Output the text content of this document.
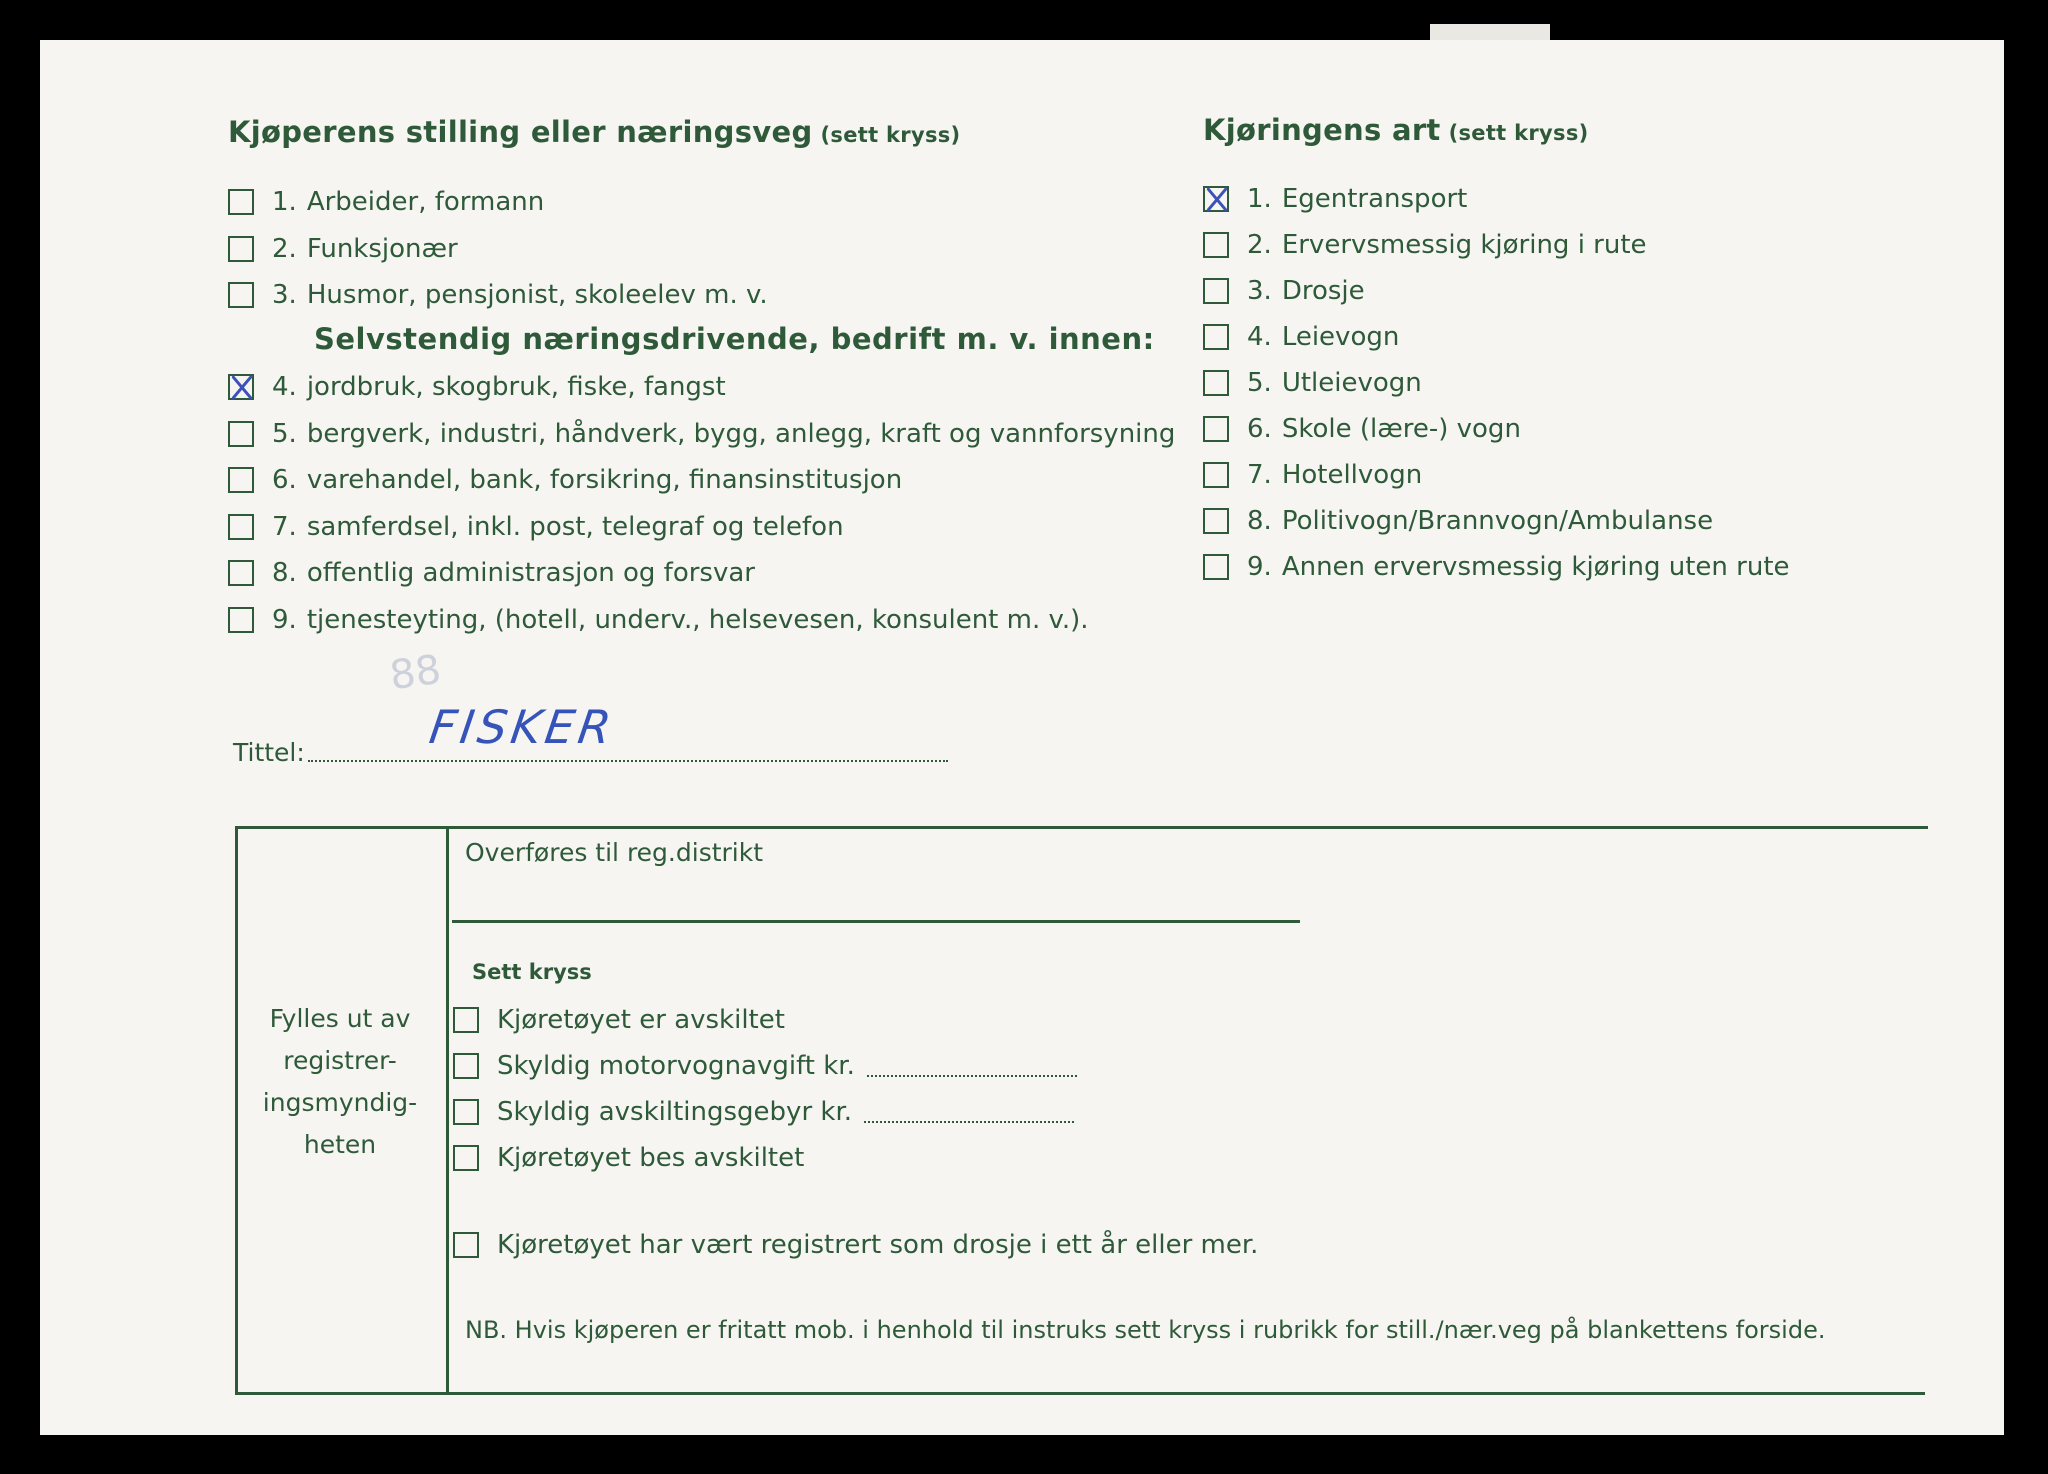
88
Kjøperens stilling eller næringsveg (sett kryss)
1. Arbeider, formann
2. Funksjonær
3. Husmor, pensjonist, skoleelev m. v.
Selvstendig næringsdrivende, bedrift m. v. innen:
4. jordbruk, skogbruk, fiske, fangst
5. bergverk, industri, håndverk, bygg, anlegg, kraft og vannforsyning
6. varehandel, bank, forsikring, finansinstitusjon
7. samferdsel, inkl. post, telegraf og telefon
8. offentlig administrasjon og forsvar
9. tjenesteyting, (hotell, underv., helsevesen, konsulent m. v.).
Tittel:	FISKER
Kjøringens art (sett kryss)
1. Egentransport
2. Ervervsmessig kjøring i rute
3. Drosje
4. Leievogn
5. Utleievogn
6. Skole (lære-) vogn
7. Hotellvogn
8. Politivogn/Brannvogn/Ambulanse
9. Annen ervervsmessig kjøring uten rute
Fylles ut av registrer-ingsmyndig-heten
Overføres til reg.distrikt
Sett kryss
Kjøretøyet er avskiltet
Skyldig motorvognavgift kr.
Skyldig avskiltingsgebyr kr.
Kjøretøyet bes avskiltet
Kjøretøyet har vært registrert som drosje i ett år eller mer.
NB. Hvis kjøperen er fritatt mob. i henhold til instruks sett kryss i rubrikk for still./nær.veg på blankettens forside.
